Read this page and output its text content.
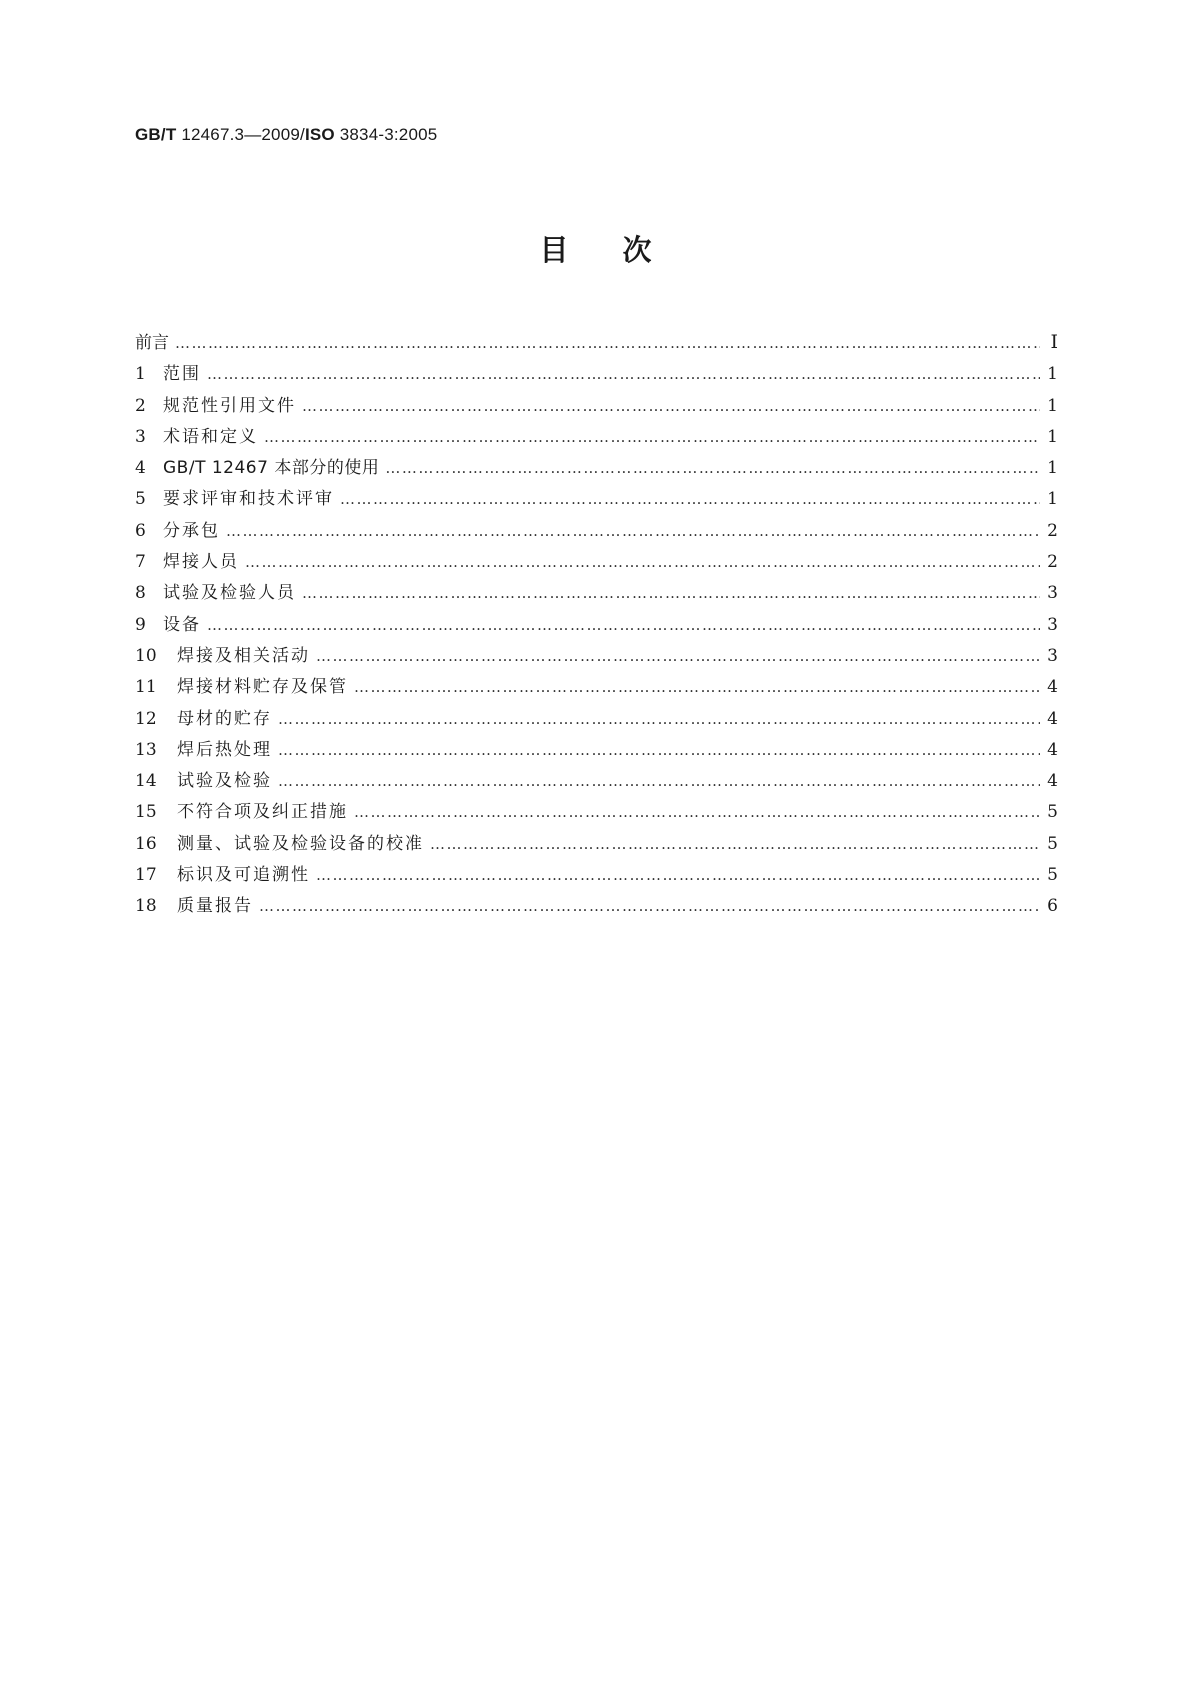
GB/T 12467.3—2009/ISO 3834-3:2005
目次
前言 …………………………………………………………………………………………………………………………………………………………………………………………………………………	Ⅰ
1	范围 …………………………………………………………………………………………………………………………………………………………………………………………………………………	1
2	规范性引用文件 …………………………………………………………………………………………………………………………………………………………………………………………………………………	1
3	术语和定义 …………………………………………………………………………………………………………………………………………………………………………………………………………………	1
4	GB/T 12467 本部分的使用 …………………………………………………………………………………………………………………………………………………………………………………………………………………	1
5	要求评审和技术评审 …………………………………………………………………………………………………………………………………………………………………………………………………………………	1
6	分承包 …………………………………………………………………………………………………………………………………………………………………………………………………………………	2
7	焊接人员 …………………………………………………………………………………………………………………………………………………………………………………………………………………	2
8	试验及检验人员 …………………………………………………………………………………………………………………………………………………………………………………………………………………	3
9	设备 …………………………………………………………………………………………………………………………………………………………………………………………………………………	3
10	焊接及相关活动 …………………………………………………………………………………………………………………………………………………………………………………………………………………	3
11	焊接材料贮存及保管 …………………………………………………………………………………………………………………………………………………………………………………………………………………	4
12	母材的贮存 …………………………………………………………………………………………………………………………………………………………………………………………………………………	4
13	焊后热处理 …………………………………………………………………………………………………………………………………………………………………………………………………………………	4
14	试验及检验 …………………………………………………………………………………………………………………………………………………………………………………………………………………	4
15	不符合项及纠正措施 …………………………………………………………………………………………………………………………………………………………………………………………………………………	5
16	测量、试验及检验设备的校准 …………………………………………………………………………………………………………………………………………………………………………………………………………………	5
17	标识及可追溯性 …………………………………………………………………………………………………………………………………………………………………………………………………………………	5
18	质量报告 …………………………………………………………………………………………………………………………………………………………………………………………………………………	6
